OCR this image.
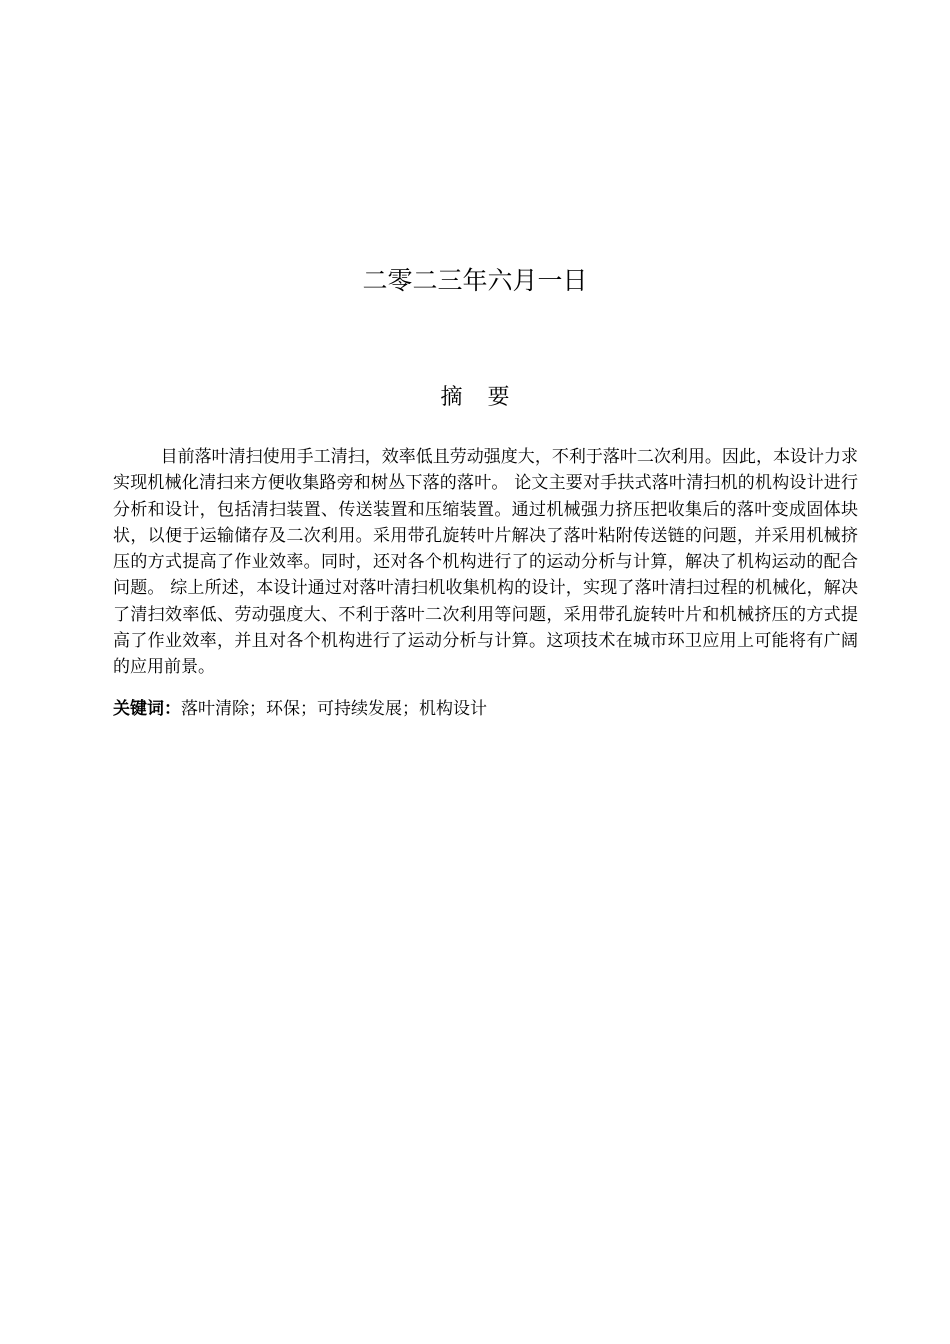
二零二三年六月一日
摘 要

目前落叶清扫使用手工清扫，效率低且劳动强度大，不利于落叶二次利用。因此，本设计力求实现机械化清扫来方便收集路旁和树丛下落的落叶。 论文主要对手扶式落叶清扫机的机构设计进行分析和设计，包括清扫装置、传送装置和压缩装置。通过机械强力挤压把收集后的落叶变成固体块状，以便于运输储存及二次利用。采用带孔旋转叶片解决了落叶粘附传送链的问题，并采用机械挤压的方式提高了作业效率。同时，还对各个机构进行了的运动分析与计算，解决了机构运动的配合问题。 综上所述，本设计通过对落叶清扫机收集机构的设计，实现了落叶清扫过程的机械化，解决了清扫效率低、劳动强度大、不利于落叶二次利用等问题，采用带孔旋转叶片和机械挤压的方式提高了作业效率，并且对各个机构进行了运动分析与计算。这项技术在城市环卫应用上可能将有广阔的应用前景。

关键词：落叶清除；环保；可持续发展；机构设计
